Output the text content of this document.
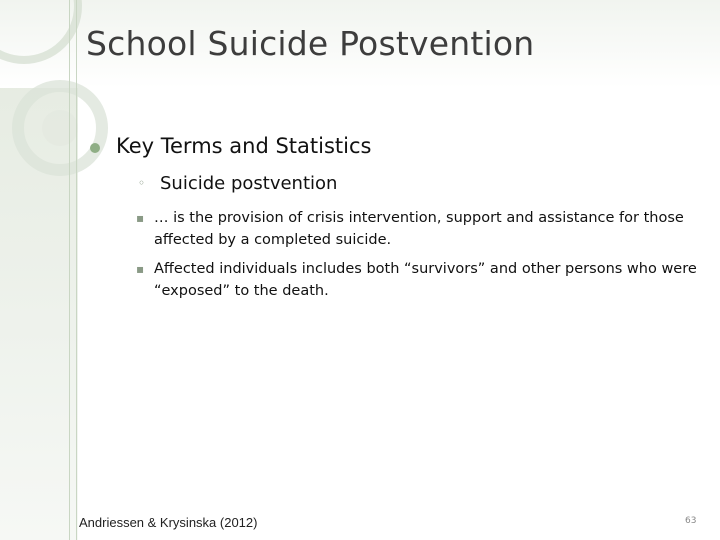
School Suicide Postvention
Key Terms and Statistics
◦ Suicide postvention
▪ … is the provision of crisis intervention, support and assistance for those affected by a completed suicide.
▪ Affected individuals includes both “survivors” and other persons who were “exposed” to the death.
Andriessen & Krysinska (2012)	63
